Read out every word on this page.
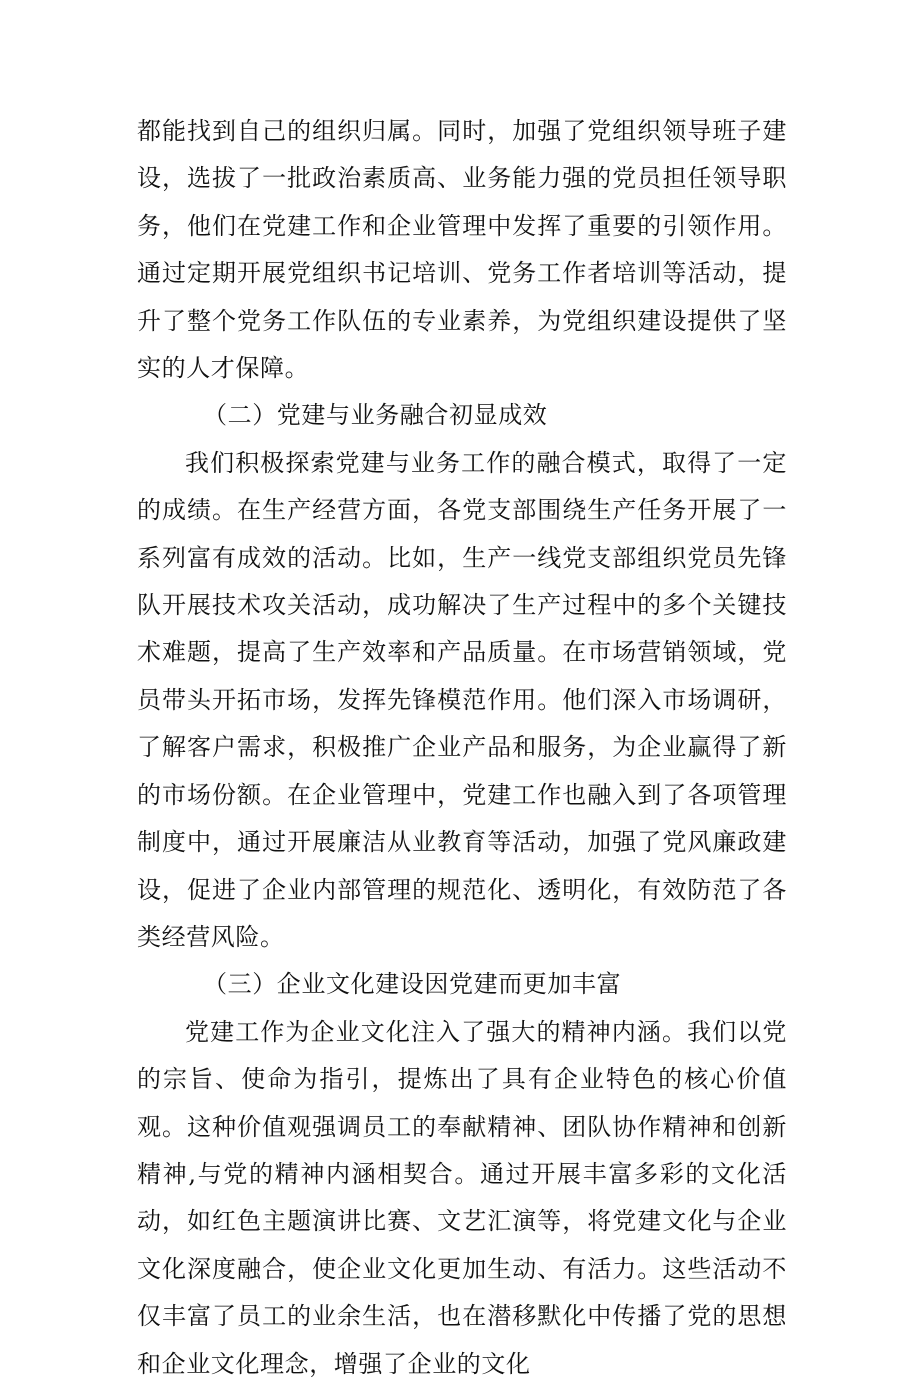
都能找到自己的组织归属。同时，加强了党组织领导班子建设，选拔了一批政治素质高、业务能力强的党员担任领导职务，他们在党建工作和企业管理中发挥了重要的引领作用。通过定期开展党组织书记培训、党务工作者培训等活动，提升了整个党务工作队伍的专业素养，为党组织建设提供了坚实的人才保障。

（二）党建与业务融合初显成效

我们积极探索党建与业务工作的融合模式，取得了一定的成绩。在生产经营方面，各党支部围绕生产任务开展了一系列富有成效的活动。比如，生产一线党支部组织党员先锋队开展技术攻关活动，成功解决了生产过程中的多个关键技术难题，提高了生产效率和产品质量。在市场营销领域，党员带头开拓市场，发挥先锋模范作用。他们深入市场调研，了解客户需求，积极推广企业产品和服务，为企业赢得了新的市场份额。在企业管理中，党建工作也融入到了各项管理制度中，通过开展廉洁从业教育等活动，加强了党风廉政建设，促进了企业内部管理的规范化、透明化，有效防范了各类经营风险。

（三）企业文化建设因党建而更加丰富

党建工作为企业文化注入了强大的精神内涵。我们以党的宗旨、使命为指引，提炼出了具有企业特色的核心价值观。这种价值观强调员工的奉献精神、团队协作精神和创新精神,与党的精神内涵相契合。通过开展丰富多彩的文化活动，如红色主题演讲比赛、文艺汇演等，将党建文化与企业文化深度融合，使企业文化更加生动、有活力。这些活动不仅丰富了员工的业余生活，也在潜移默化中传播了党的思想和企业文化理念，增强了企业的文化
